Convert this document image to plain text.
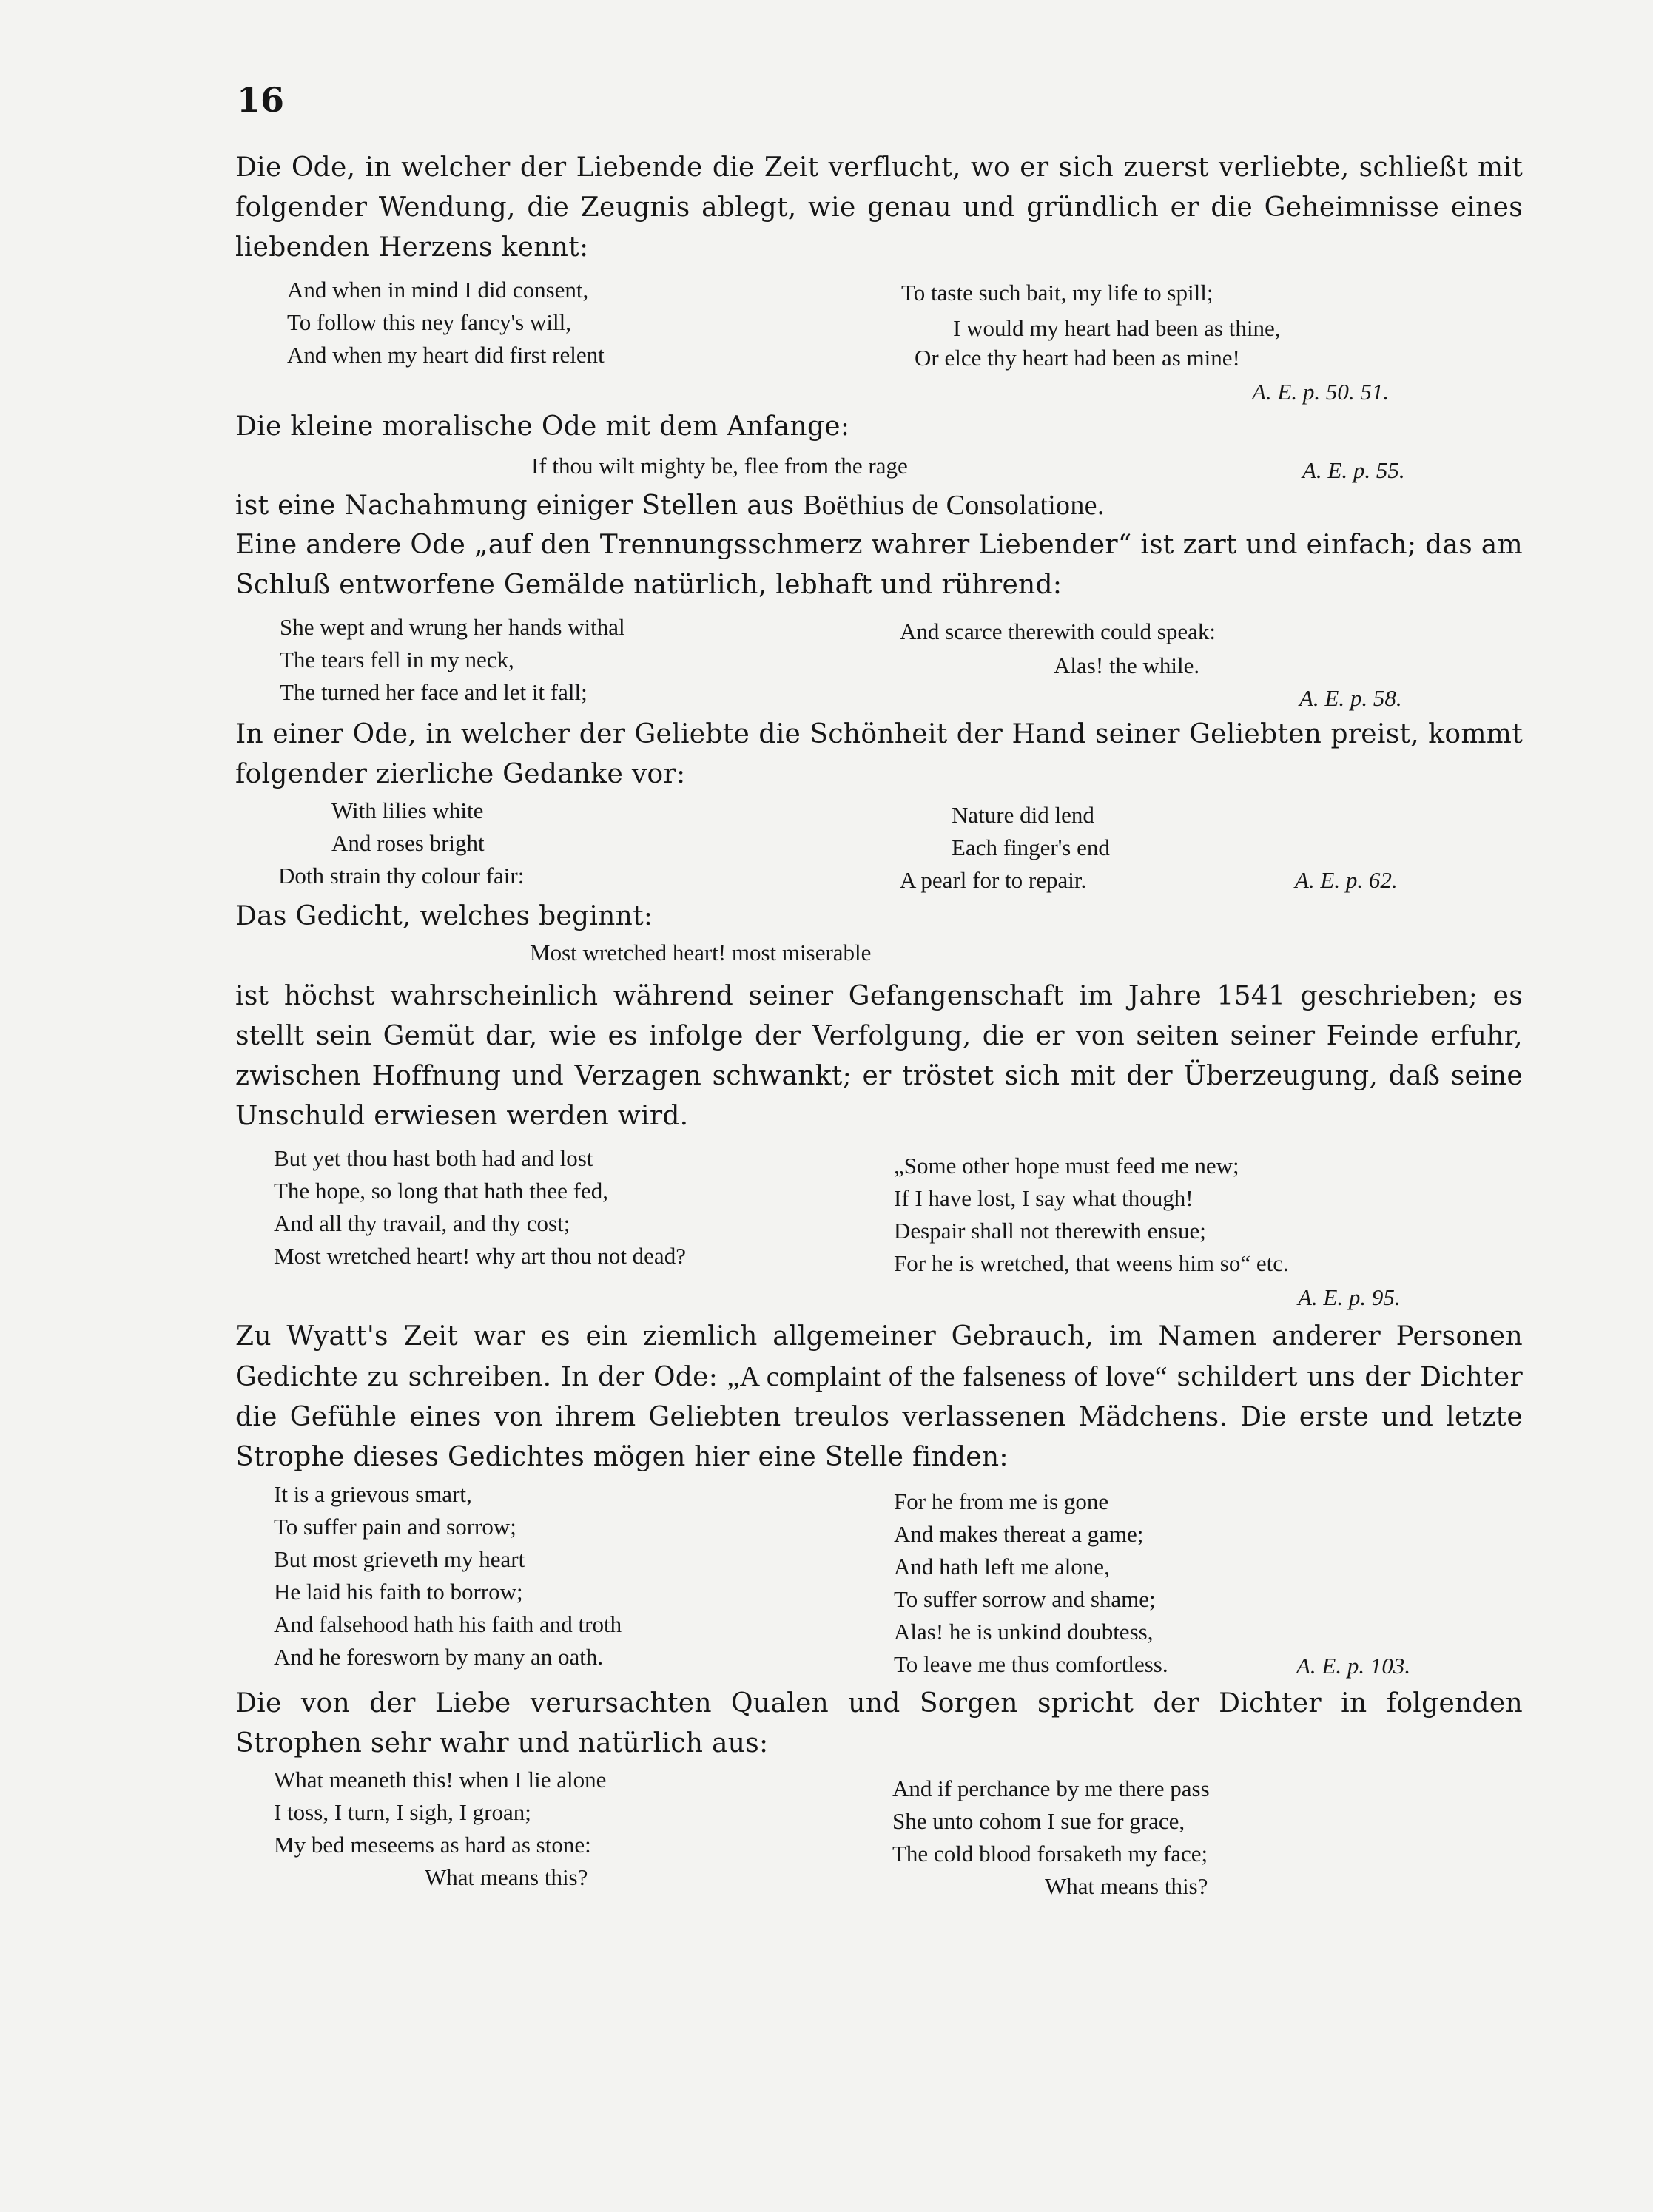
16
Die Ode, in welcher der Liebende die Zeit verflucht, wo er sich zuerst verliebte, schließt mit folgender Wendung, die Zeugnis ablegt, wie genau und gründlich er die Geheimnisse eines liebenden Herzens kennt:
And when in mind I did consent,
To follow this ney fancy's will,
And when my heart did first relent
To taste such bait, my life to spill;
I would my heart had been as thine,
Or elce thy heart had been as mine!
A. E. p. 50. 51.
Die kleine moralische Ode mit dem Anfange:
If thou wilt mighty be, flee from the rage	A. E. p. 55.
ist eine Nachahmung einiger Stellen aus Boëthius de Consolatione.
Eine andere Ode „auf den Trennungsschmerz wahrer Liebender“ ist zart und einfach; das am Schluß entworfene Gemälde natürlich, lebhaft und rührend:
She wept and wrung her hands withal
The tears fell in my neck,
The turned her face and let it fall;
And scarce therewith could speak:
Alas! the while.
A. E. p. 58.
In einer Ode, in welcher der Geliebte die Schönheit der Hand seiner Geliebten preist, kommt folgender zierliche Gedanke vor:
With lilies white
And roses bright
Doth strain thy colour fair:
Nature did lend
Each finger's end
A pearl for to repair.	A. E. p. 62.
Das Gedicht, welches beginnt:
Most wretched heart! most miserable
ist höchst wahrscheinlich während seiner Gefangenschaft im Jahre 1541 geschrieben; es stellt sein Gemüt dar, wie es infolge der Verfolgung, die er von seiten seiner Feinde erfuhr, zwischen Hoffnung und Verzagen schwankt; er tröstet sich mit der Überzeugung, daß seine Unschuld erwiesen werden wird.
But yet thou hast both had and lost
The hope, so long that hath thee fed,
And all thy travail, and thy cost;
Most wretched heart! why art thou not dead?
„Some other hope must feed me new;
If I have lost, I say what though!
Despair shall not therewith ensue;
For he is wretched, that weens him so“ etc.
A. E. p. 95.
Zu Wyatt's Zeit war es ein ziemlich allgemeiner Gebrauch, im Namen anderer Personen Gedichte zu schreiben. In der Ode: „A complaint of the falseness of love“ schildert uns der Dichter die Gefühle eines von ihrem Geliebten treulos verlassenen Mädchens. Die erste und letzte Strophe dieses Gedichtes mögen hier eine Stelle finden:
It is a grievous smart,
To suffer pain and sorrow;
But most grieveth my heart
He laid his faith to borrow;
And falsehood hath his faith and troth
And he foresworn by many an oath.
For he from me is gone
And makes thereat a game;
And hath left me alone,
To suffer sorrow and shame;
Alas! he is unkind doubtess,
To leave me thus comfortless.	A. E. p. 103.
Die von der Liebe verursachten Qualen und Sorgen spricht der Dichter in folgenden Strophen sehr wahr und natürlich aus:
What meaneth this! when I lie alone
I toss, I turn, I sigh, I groan;
My bed meseems as hard as stone:
What means this?
And if perchance by me there pass
She unto cohom I sue for grace,
The cold blood forsaketh my face;
What means this?
